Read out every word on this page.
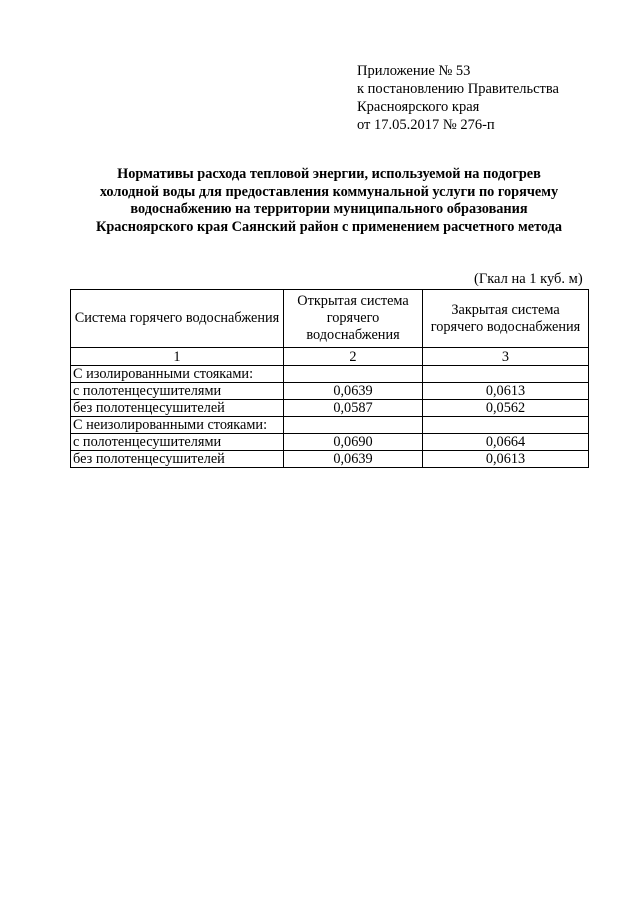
Приложение № 53
к постановлению Правительства
Красноярского края
от 17.05.2017 № 276-п
Нормативы расхода тепловой энергии, используемой на подогрев
холодной воды для предоставления коммунальной услуги по горячему
водоснабжению на территории муниципального образования
Красноярского края Саянский район с применением расчетного метода
(Гкал на 1 куб. м)
Система горячего водоснабжения	Открытая система горячего водоснабжения	Закрытая система горячего водоснабжения
1	2	3
С изолированными стояками:		
с полотенцесушителями	0,0639	0,0613
без полотенцесушителей	0,0587	0,0562
С неизолированными стояками:		
с полотенцесушителями	0,0690	0,0664
без полотенцесушителей	0,0639	0,0613
